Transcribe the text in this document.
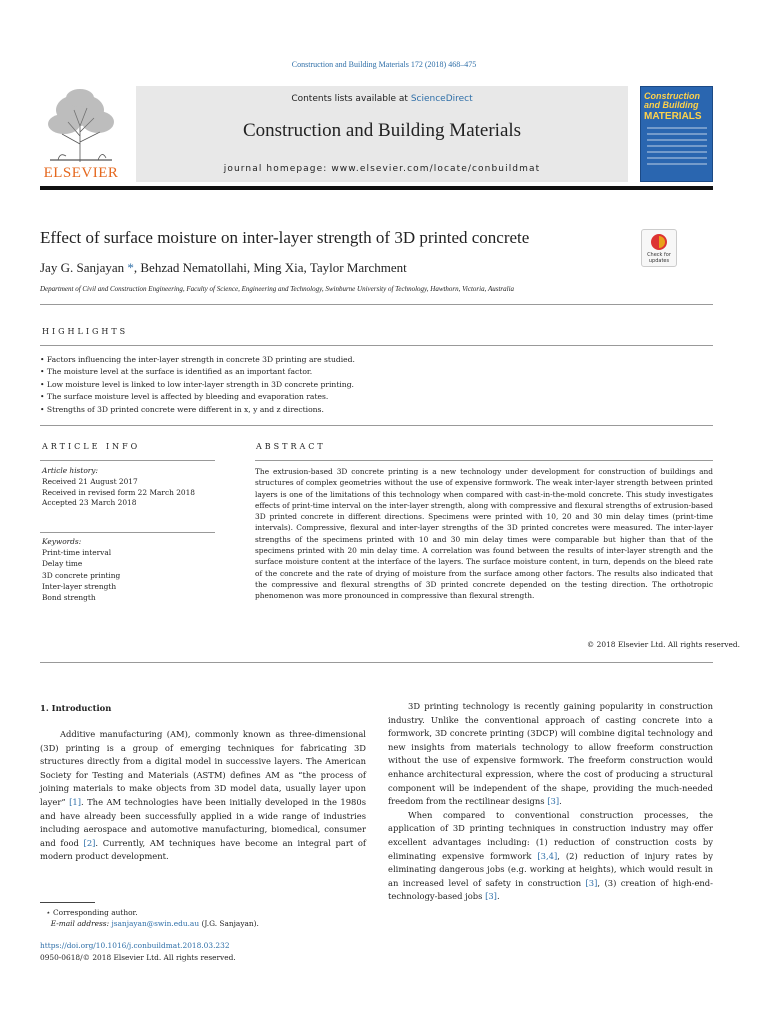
Construction and Building Materials 172 (2018) 468–475
ELSEVIER
Contents lists available at ScienceDirect
Construction and Building Materials
journal homepage: www.elsevier.com/locate/conbuildmat
Construction
and Building
MATERIALS
Effect of surface moisture on inter-layer strength of 3D printed concrete
Check for
updates
Jay G. Sanjayan *, Behzad Nematollahi, Ming Xia, Taylor Marchment
Department of Civil and Construction Engineering, Faculty of Science, Engineering and Technology, Swinburne University of Technology, Hawthorn, Victoria, Australia
HIGHLIGHTS
• Factors influencing the inter-layer strength in concrete 3D printing are studied.
• The moisture level at the surface is identified as an important factor.
• Low moisture level is linked to low inter-layer strength in 3D concrete printing.
• The surface moisture level is affected by bleeding and evaporation rates.
• Strengths of 3D printed concrete were different in x, y and z directions.
ARTICLE INFO	ABSTRACT
Article history:
Received 21 August 2017
Received in revised form 22 March 2018
Accepted 23 March 2018
Keywords:
Print-time interval
Delay time
3D concrete printing
Inter-layer strength
Bond strength
The extrusion-based 3D concrete printing is a new technology under development for construction of buildings and structures of complex geometries without the use of expensive formwork. The weak inter-layer strength between printed layers is one of the limitations of this technology when compared with cast-in-the-mold concrete. This study investigates effects of print-time interval on the inter-layer strength, along with compressive and flexural strengths of extrusion-based 3D printed concrete in different directions. Specimens were printed with 10, 20 and 30 min delay times (print-time intervals). Compressive, flexural and inter-layer strengths of the 3D printed concretes were measured. The inter-layer strengths of the specimens printed with 10 and 30 min delay times were comparable but higher than that of the specimens printed with 20 min delay time. A correlation was found between the results of inter-layer strength and the surface moisture content at the interface of the layers. The surface moisture content, in turn, depends on the bleed rate of the concrete and the rate of drying of moisture from the surface among other factors. The results also indicated that the compressive and flexural strengths of 3D printed concrete depended on the testing direction. The orthotropic phenomenon was more pronounced in compressive than flexural strength.
© 2018 Elsevier Ltd. All rights reserved.
1. Introduction

Additive manufacturing (AM), commonly known as three-dimensional (3D) printing is a group of emerging techniques for fabricating 3D structures directly from a digital model in successive layers. The American Society for Testing and Materials (ASTM) defines AM as “the process of joining materials to make objects from 3D model data, usually layer upon layer” [1]. The AM technologies have been initially developed in the 1980s and have already been successfully applied in a wide range of industries including aerospace and automotive manufacturing, biomedical, consumer and food [2]. Currently, AM techniques have become an integral part of modern product development.

3D printing technology is recently gaining popularity in construction industry. Unlike the conventional approach of casting concrete into a formwork, 3D concrete printing (3DCP) will combine digital technology and new insights from materials technology to allow freeform construction without the use of expensive formwork. The freeform construction would enhance architectural expression, where the cost of producing a structural component will be independent of the shape, providing the much-needed freedom from the rectilinear designs [3].

When compared to conventional construction processes, the application of 3D printing techniques in construction industry may offer excellent advantages including: (1) reduction of construction costs by eliminating expensive formwork [3,4], (2) reduction of injury rates by eliminating dangerous jobs (e.g. working at heights), which would result in an increased level of safety in construction [3], (3) creation of high-end-technology-based jobs [3].

⋆ Corresponding author.
E-mail address: jsanjayan@swin.edu.au (J.G. Sanjayan).
https://doi.org/10.1016/j.conbuildmat.2018.03.232
0950-0618/© 2018 Elsevier Ltd. All rights reserved.
